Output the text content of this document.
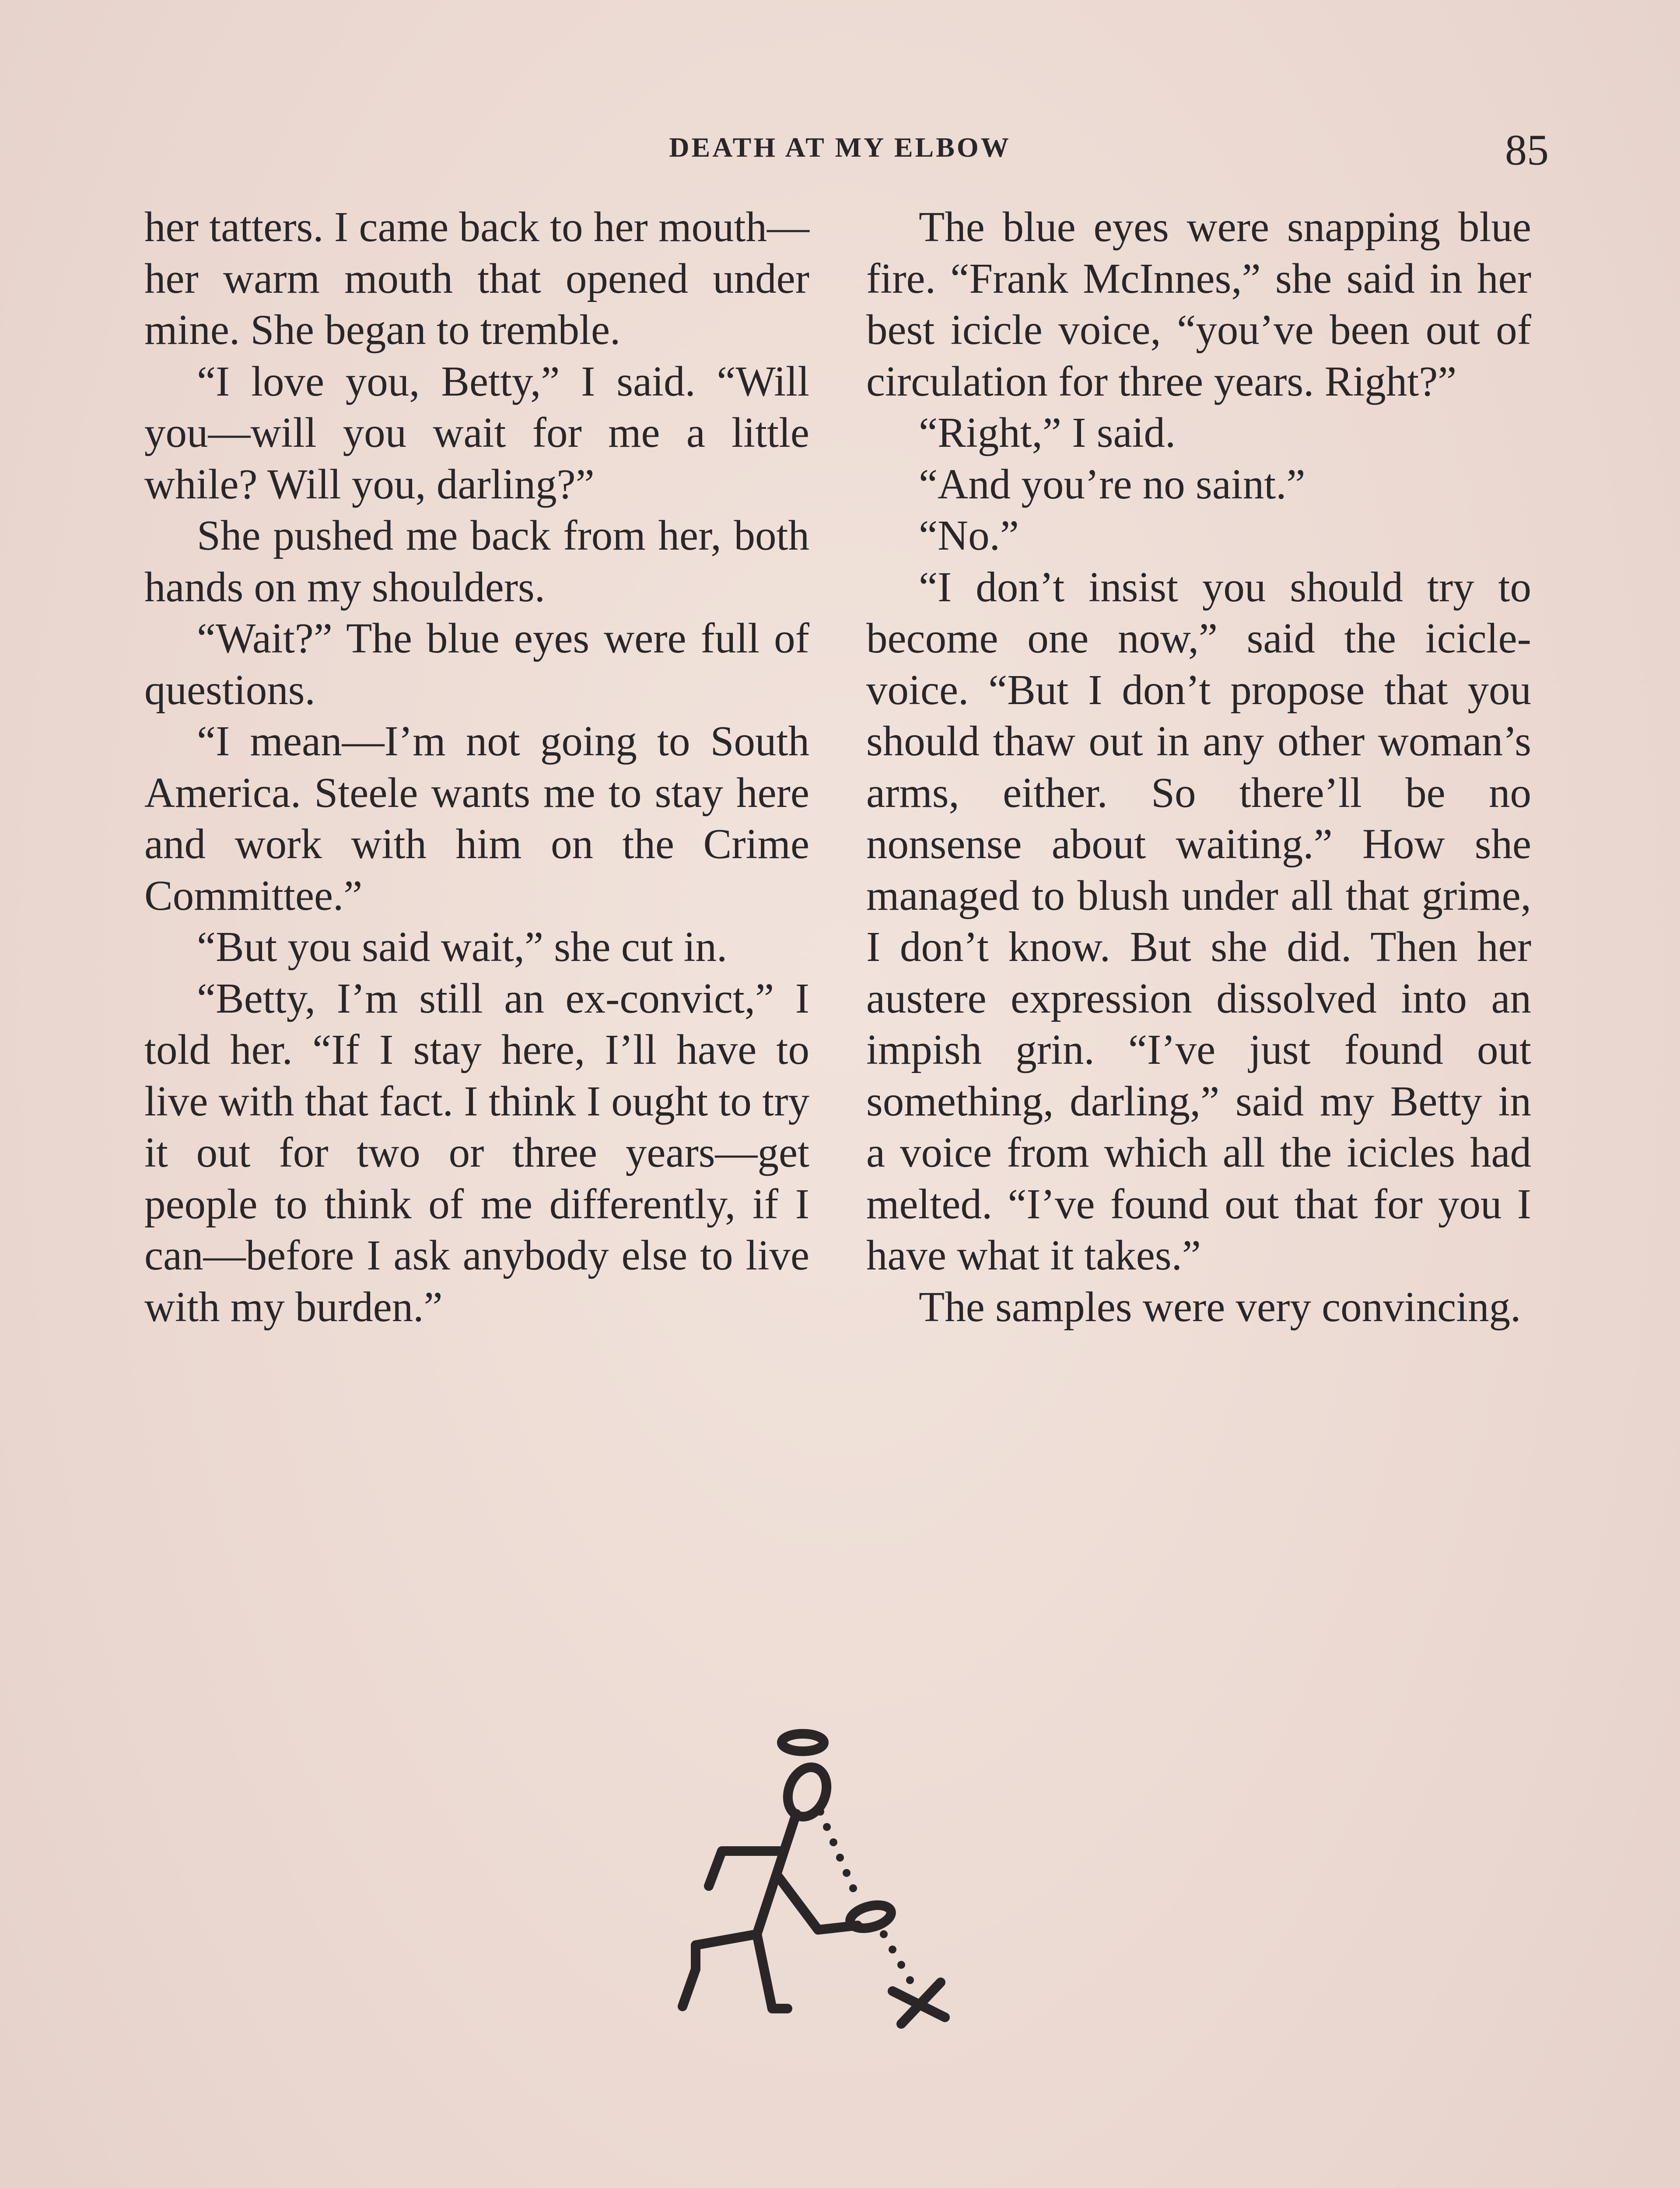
DEATH AT MY ELBOW	85

her tatters. I came back to her mouth—her warm mouth that opened under mine. She began to tremble.

“I love you, Betty,” I said. “Will you—will you wait for me a little while? Will you, darling?”

She pushed me back from her, both hands on my shoulders.

“Wait?” The blue eyes were full of questions.

“I mean—I’m not going to South America. Steele wants me to stay here and work with him on the Crime Committee.”

“But you said wait,” she cut in.

“Betty, I’m still an ex-convict,” I told her. “If I stay here, I’ll have to live with that fact. I think I ought to try it out for two or three years—get people to think of me differently, if I can—before I ask anybody else to live with my burden.”

The blue eyes were snapping blue fire. “Frank McInnes,” she said in her best icicle voice, “you’ve been out of circulation for three years. Right?”

“Right,” I said.

“And you’re no saint.”

“No.”

“I don’t insist you should try to become one now,” said the icicle-voice. “But I don’t propose that you should thaw out in any other woman’s arms, either. So there’ll be no nonsense about waiting.” How she managed to blush under all that grime, I don’t know. But she did. Then her austere expression dissolved into an impish grin. “I’ve just found out something, darling,” said my Betty in a voice from which all the icicles had melted. “I’ve found out that for you I have what it takes.”

The samples were very convincing.
